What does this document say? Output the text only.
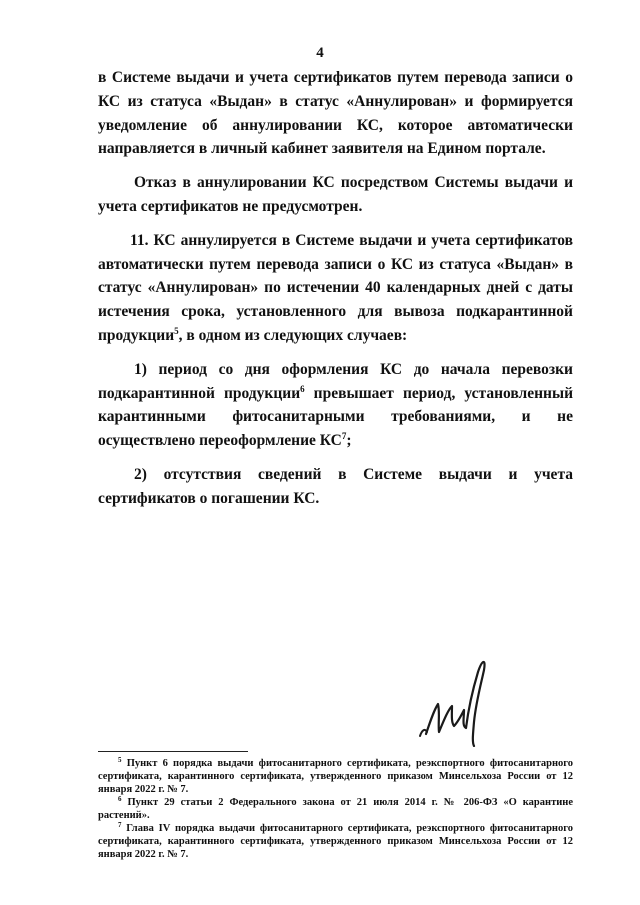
4

в Системе выдачи и учета сертификатов путем перевода записи о КС из статуса «Выдан» в статус «Аннулирован» и формируется уведомление об аннулировании КС, которое автоматически направляется в личный кабинет заявителя на Едином портале.

Отказ в аннулировании КС посредством Системы выдачи и учета сертификатов не предусмотрен.

11. КС аннулируется в Системе выдачи и учета сертификатов автоматически путем перевода записи о КС из статуса «Выдан» в статус «Аннулирован» по истечении 40 календарных дней с даты истечения срока, установленного для вывоза подкарантинной продукции$^5$, в одном из следующих случаев:

1) период со дня оформления КС до начала перевозки подкарантинной продукции$^6$ превышает период, установленный карантинными фитосанитарными требованиями, и не осуществлено переоформление $КС^7$;

2) отсутствия сведений в Системе выдачи и учета сертификатов о погашении КС.

$^5$ Пункт 6 порядка выдачи фитосанитарного сертификата, реэкспортного фитосанитарного сертификата, карантинного сертификата, утвержденного приказом Минсельхоза России от 12 января 2022 г. № 7.

$^6$ Пункт 29 статьи 2 Федерального закона от 21 июля 2014 г. № 206-ФЗ «О карантине растений».

$^7$ Глава IV порядка выдачи фитосанитарного сертификата, реэкспортного фитосанитарного сертификата, карантинного сертификата, утвержденного приказом Минсельхоза России от 12 января 2022 г. № 7.
